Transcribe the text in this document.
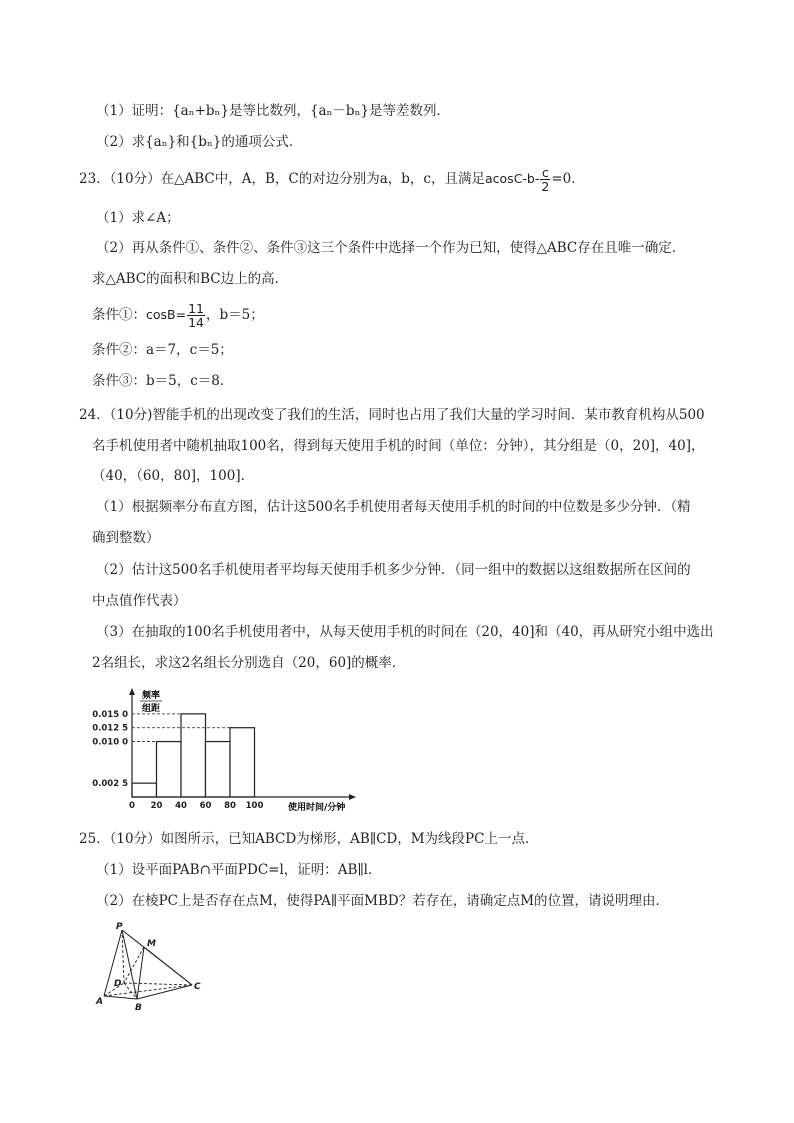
（1）证明：{aₙ+bₙ}是等比数列，{aₙ－bₙ}是等差数列．
（2）求{aₙ}和{bₙ}的通项公式．
23．（10分）在△ABC中，A，B，C的对边分别为a，b，c，且满足$acosC-b- \frac{c}{2} =0$．
（1）求∠A；
（2）再从条件①、条件②、条件③这三个条件中选择一个作为已知，使得△ABC存在且唯一确定．
求△ABC的面积和BC边上的高．
条件①：$\cos B= \frac{11}{14}$ ，b＝5；
条件②：a＝7，c＝5；
条件③：b＝5，c＝8．
24．（10分)智能手机的出现改变了我们的生活，同时也占用了我们大量的学习时间．某市教育机构从500
名手机使用者中随机抽取100名，得到每天使用手机的时间（单位：分钟），其分组是（0，20]，40]，
（40，（60，80]，100]．
（1）根据频率分布直方图，估计这500名手机使用者每天使用手机的时间的中位数是多少分钟．（精
确到整数）
（2）估计这500名手机使用者平均每天使用手机多少分钟．（同一组中的数据以这组数据所在区间的
中点值作代表）
（3）在抽取的100名手机使用者中，从每天使用手机的时间在（20，40]和（40，再从研究小组中选出
2名组长，求这2名组长分别选自（20，60]的概率．
0.015 0
0.012 5
0.010 0
0.002 5
0 20 40 60 80 100
频率
组距
使用时间/分钟
25．（10分）如图所示，已知ABCD为梯形，AB∥CD，M为线段PC上一点．
（1）设平面PAB∩平面PDC=l，证明：AB∥l．
（2）在棱PC上是否存在点M，使得PA∥平面MBD？若存在，请确定点M的位置，请说明理由．
P
M
D	C
A
B
